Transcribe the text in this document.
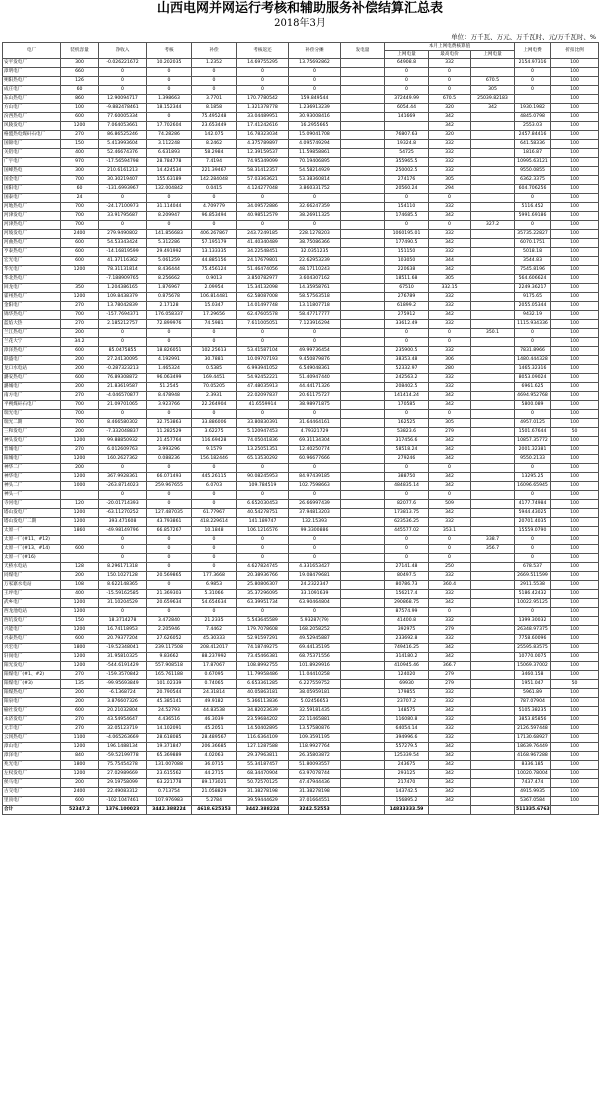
山西电网并网运行考核和辅助服务补偿结算汇总表
2018年3月
单位：万千瓦、万元、万千瓦时、元/万千瓦时、%
电厂	装机容量	净收入	考核	补偿	考核返还	补偿分摊	发电量	本月上网电费核算值			上网电费	折扣比例
								上网电量	最高电价	上网电量		
安平发电厂	300	-0.026221672	10.202035	1.2352	14.69755295	13.75692862		64908.8	332		2154.97316	100
漳明电厂	660	0	0	0	0	0		0	0		0	100
朔阳热电厂	126	0	0	0	0	0		0	0	670.5	0	100
成庄电厂	60	0	0	0	0	0		0	0	305	0	100
东山热电厂	860	12.90094717	1.398663	3.7701	170.7780542	159.849544		372449.99	670.5	25039.82183		100
方山电厂	100	-9.882478461	18.152344	8.1858	1.321378778	1.236913239		6054.44	320	342	1930.1982	100
汾西热电厂	600	77.60005334	0	75.495248	33.04489951	30.93008416		141669	342		4845.0798	100
风陵发电厂	1200	7.064053661	17.702604	23.653449	17.41242616	16.2955665			342		2553.03	100
格盟热电煤矸石电厂	270	86.86525246	74.28286	142.075	16.78323034	15.09041708		76807.63	320		2457.84416	100
国锦电厂	150	5.413993604	3.112248	8.2462	4.375789897	4.095749294		19324.8	332		641.58336	100
关铝电厂	400	52.46674376	6.631893	58.2984	12.39159537	11.59858861		54725	332		1816.87	100
广宇电厂	970	-17.56594798	28.784778	7.4194	74.95349099	70.19406895		355965.5	332		10995.63121	100
国峰热电	300	210.6161213	14.424534	221.39467	58.31412357	54.58214929		250002.5	332		9550.0855	100
国金电厂	700	30.30219407	155.63189	142.284048	57.03363621	53.38360814		274176	305		6362.3375	100
国阳电厂	60	-131.6993967	132.004842	0.0415	4.124277048	3.860331752		20560.24	294		604.706256	100
国泰电厂	24	0	0	0	0	0		0	0		0	100
河地热电厂	700	-24.17100973	31.114044	4.709779	34.09572886	32.66247359		154110	332		5116.452	100
河津发电厂	700	33.91795687	8.209947	96.853494	40.98512579	38.26911325		174685.5	342		5991.69186	100
河津热电厂	700	0	0	0	0	0		0	0	327.2	0	100
河坡发电厂	2400	279.9490802	141.856683	406.267867	243.7249185	228.1278203		1060195.01	332		35735.22827	100
河曲热电厂	600	54.53343424	5.312286	57.195179	41.40340489	38.75086366		177490.5	342		6070.1751	100
亨泰热电厂	600	-14.16819599	29.491992	13.133335	34.22548451	32.0351235		151150	332		5018.18	100
宏光电厂	600	41.37116362	5.061259	44.885156	24.17679801	22.62953239		103050	344		3544.83	100
华光电厂	1200	78.31131814	8.436444	75.456124	51.46474056	48.17110243		220638	342		7545.8196	100
华北热电厂		-7.188909765	8.256662	0.9013	3.850782977	3.604307162		18511.68	305		564.606624	100
回龙电厂	350	1.204386165	1.876967	2.09954	15.34132098	14.35958761		67510	332.15		2249.36217	100
霍州热电厂	1200	109.8438379	0.875678	106.814481	62.58087008	58.57563518		276789	332		9175.65	100
金阳电厂	270	13.78042839	2.17128	15.0347	14.01497748	13.11807718		61899.2	332		2055.05344	100
锦华热电厂	700	-157.7694371	176.058337	17.29656	62.47605578	58.47717777		275912	342		9432.19	100
蓝焰大热	270	2.185212757	72.899976	74.5981	7.611005051	7.123916294		33612.49	332		1115.934336	100
兰江热电厂	200	0	0	0	0	0		0	0	350.1	0	100
兰花大宁	34.2	0	0	0	0	0		0	0		0	100
漳泽热电厂	600	85.0475855	18.826051	102.25613	53.41587104	49.99736454		235900.5	332		7831.8966	100
联盛电厂	200	27.24130095	4.192991	30.7881	10.09707193	9.450879876		38353.48	306		1480.444328	100
龙口水电站	200	-0.287323213	1.465324	0.5385	6.993941052	6.549048361		52332.97	280		1465.32316	100
潞安热电厂	600	76.89308872	96.063499	169.4451	54.92452221	51.40947440		242563.2	332		8053.09024	100
潞城电厂	200	21.83619587	51.2545	70.05205	47.48035913	44.44171326		208402.5	332		6961.625	100
南方电厂	270	-4.046570877	8.478948	2.3931	22.02097837	20.61175727		141414.24	342		4694.952768	100
平朔煤矸石电厂	700	21.09701065	3.923766	22.264904	41.6559914	38.98971875		170585	342		5800.089	100
瑞光电厂	700	0	0	0	0	0		0	0		0	100
瑞光二期	700	8.466580302	32.753863	33.886006	33.80830391	31.64464161		162525	305		4957.0125	100
三和发电厂	200	-7.332048837	11.282529	3.62275	5.120947453	4.79321729		53823.6	279		1501.67644	50
神头发电厂	1200	99.88850932	21.457764	116.69428	74.05041836	69.31134304		317456.6	342		10857.35772	100
晋城电厂	270	6.012609763	3.993296	9.1579	13.25051351	12.40250774		58518.24	342		2001.32381	100
阳城电厂	1200	160.2627362	0.088236	156.182446	65.13530292	60.96677666		279246	342		9550.2133	100
神华二厂	200	0	0	0	0	0		0	0		0	100
神华电厂	1200	367.9928361	66.071493	445.26115	90.08245953	84.97439185		388750	342		13295.25	100
神头二厂	1000	-263.8714023	259.967655	6.0703	109.784519	102.7598663		484835.14	342		16096.65945	100
神头一厂		0	0	0	0	0		0	0		0	100
寺河电厂	120	-20.01714393	0	0	6.652030453	26.66997439		82077.6	509		4177.74984	100
塔山发电厂	1200	-63.11270252	127.487035	61.77967	40.54278751	37.94813203		173813.75	342		5944.43025	100
塔山发电厂二期	1200	393.471608	43.793861	418.229614	141.189747	132.15393		623536.25	332		20701.4035	100
太原一厂	1860	-49.98149796	66.857267	10.1848	106.1216576	99.3300886		445577.02	353.1		15559.0790	100
太原一厂(#11、#12)		0	0	0	0	0		0	0	338.7	0	100
太原一厂(#13、#14)	600	0	0	0	0	0		0	0	356.7	0	100
太原一厂(#16)		0	0	0	0	0		0	0		0	100
天桥水电站	128	8.296171318	0	0	4.627824745	4.331653427		27141.48	250		678.537	100
同煤电厂	200	150.1027128	20.569865	177.3668	20.38936766	19.08479681		80497.5	332		2669.511599	100
万家寨水电站	108	8.622148365	0	6.9853	25.80806307	24.2322347		80786.73	360.4		2911.5538	100
王坪电厂	400	-15.59162585	21.369303	5.31066	35.37296095	33.1091639		156217.4	332		5186.42432	100
武乡电厂	1200	31.10204529	20.659634	54.654634	63.39951734	63.90464804		290868.75	342		10022.95125	100
西龙池电站	1200	0	0	0	0	0		87574.99	0		0	100
西坑发电厂	150	18.3714278	3.472840	21.2335	5.543645589	5.93287(79)		41400.8	332		1399.30032	100
兴能电厂	1200	16.74118953	2.205946	7.4462	179.7078608	168.2058252		392975	279		26348.97375	100
兴泰热电厂	600	20.79377204	27.626052	45.30333	52.91597291	49.52945887		233692.8	332		7758.60096	100
兴宏电厂	1800	-19.52348041	239.117508	208.412017	74.18749275	69.44135195		749416.25	342		25595.83575	100
轩岗电厂	1200	31.95810325	9.83662	88.237992	73.45466381	68.75371556		314180.2	342		10770.0075	100
阳光发电厂	1200	-544.6191429	557.908518	17.87067	108.8992755	101.8929916		410945.46	366.7		15069.37002	100
阳煤电厂(#1、#2)	270	-159.3570842	165.761188	0.67095	11.79958486	11.04410258		124020	279		3460.158	100
阳煤电厂(#3)	135	-99.95693849	101.02339	0.74065	6.653361285	6.227559752		69930	279		1951.047	50
阳煤热电厂	200	-6.1368724	20.790544	24.31814	40.05863181	38.05959181		179855	332		5961.89	100
阳泉电厂	200	3.876607326	45.385141	49.9182	5.366113836	5.02456653		23707.2	332		787.07904	100
榆社发电厂	600	20.21032804	24.52793	44.83538	34.82023639	32.59181435		148575	342		5105.38235	100
永济发电厂	270	43.54954647	4.436516	46.3039	23.59684202	22.11465881		116080.8	332		3853.85856	100
元丰电厂	270	32.05123719	14.102091	45.2051	14.50402895	13.57580876		64054.14	332		2126.597448	100
云冈热电厂	1100	-4.065263669	28.618085	28.489567	116.6364109	109.3591195		394996.6	332		17130.68927	100
漳山电厂	1200	196.1488134	19.371847	206.36685	127.1287588	118.9927764		557279.5	342		18639.76449	100
漳泽电厂	840	-59.52199778	65.369889	4.02063	29.37963811	26.35803872		125339.54	342		4168.967288	100
兆光电厂	1800	75.75454278	131.007088	36.0715	55.34187457	51.80093557		243675	342		8336.185	100
左权发电厂	1200	27.02989669	23.615562	44.2715	68.34470904	63.97078744		293125	342		10020.78004	100
侯马电厂	200	29.19758099	63.221778	89.173021	50.72570125	47.47944436		217470	342		7437.474	100
古交电厂	2400	22.49083312	0.713754	21.058829	31.38278198	31.38278198		143742.5	342		4915.9935	100
里顶电厂	600	-102.1047461	107.976983	5.2784	39.59444629	37.01664551		156895.2	342		5367.0584	100
合计	52347.2	1376.100023	3442.388224	4618.625353	3442.388224	3242.52553		14833333.59			511335.6763	
